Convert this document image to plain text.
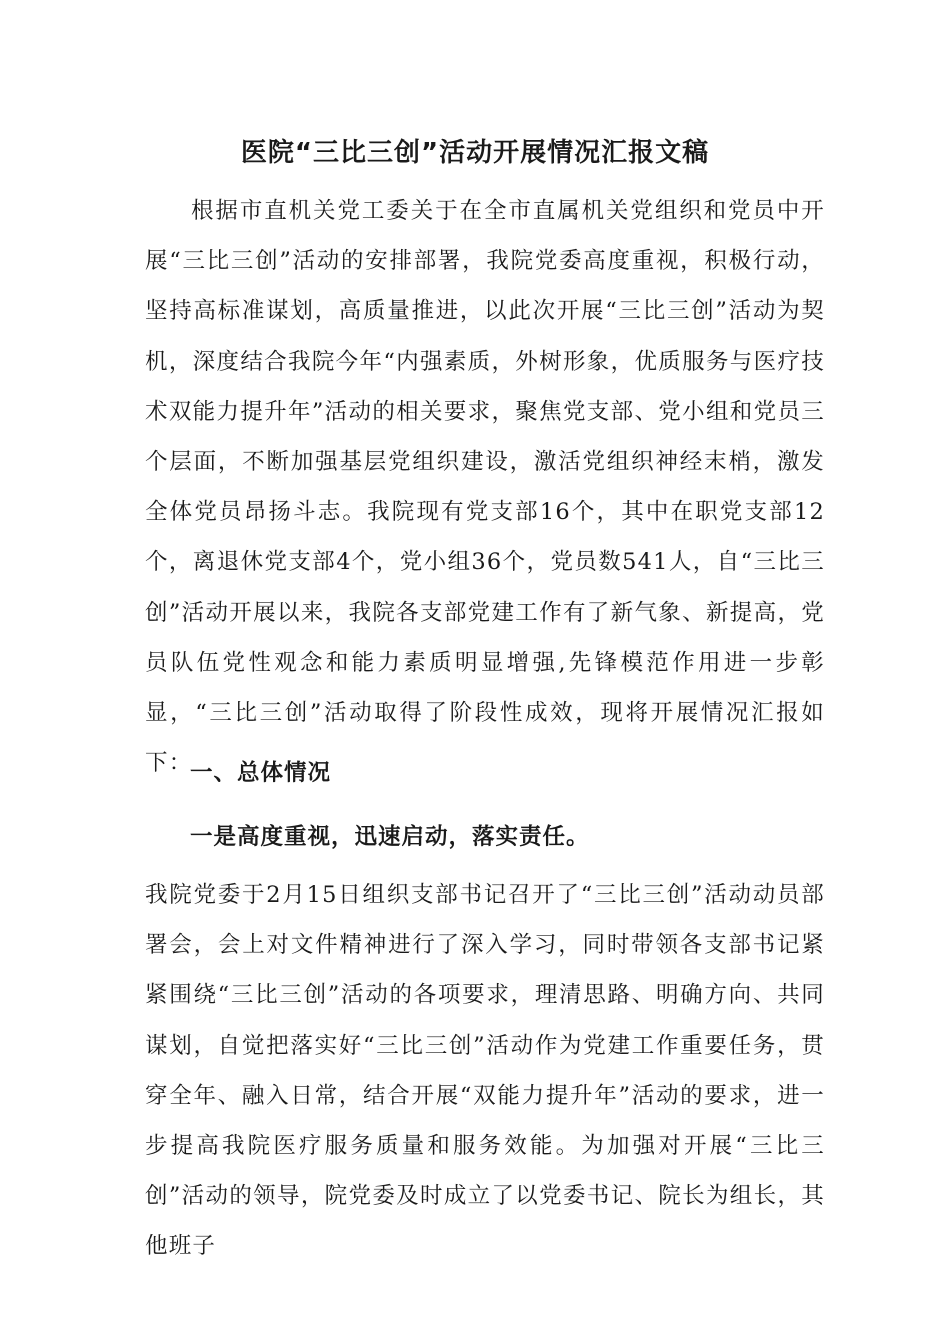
医院“三比三创”活动开展情况汇报文稿

根据市直机关党工委关于在全市直属机关党组织和党员中开展“三比三创”活动的安排部署，我院党委高度重视，积极行动，坚持高标准谋划，高质量推进，以此次开展“三比三创”活动为契机，深度结合我院今年“内强素质，外树形象，优质服务与医疗技术双能力提升年”活动的相关要求，聚焦党支部、党小组和党员三个层面，不断加强基层党组织建设，激活党组织神经末梢，激发全体党员昂扬斗志。我院现有党支部16个，其中在职党支部12个，离退休党支部4个，党小组36个，党员数541人，自“三比三创”活动开展以来，我院各支部党建工作有了新气象、新提高，党员队伍党性观念和能力素质明显增强,先锋模范作用进一步彰显，“三比三创”活动取得了阶段性成效，现将开展情况汇报如下：

一、总体情况
一是高度重视，迅速启动，落实责任。

我院党委于2月15日组织支部书记召开了“三比三创”活动动员部署会，会上对文件精神进行了深入学习，同时带领各支部书记紧紧围绕“三比三创”活动的各项要求，理清思路、明确方向、共同谋划，自觉把落实好“三比三创”活动作为党建工作重要任务，贯穿全年、融入日常，结合开展“双能力提升年”活动的要求，进一步提高我院医疗服务质量和服务效能。为加强对开展“三比三创”活动的领导，院党委及时成立了以党委书记、院长为组长，其他班子
